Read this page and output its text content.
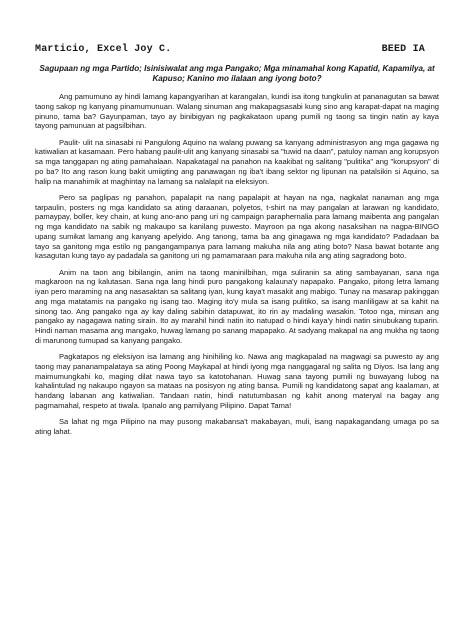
Marticio, Excel Joy C.	BEED IA
Sagupaan ng mga Partido; Isinisiwalat ang mga Pangako; Mga minamahal kong Kapatid, Kapamilya, at Kapuso; Kanino mo ilalaan ang iyong boto?
Ang pamumuno ay hindi lamang kapangyarihan at karangalan, kundi isa itong tungkulin at pananagutan sa bawat taong sakop ng kanyang pinamumunuan. Walang sinuman ang makapagsasabi kung sino ang karapat-dapat na maging pinuno, tama ba? Gayunpaman, tayo ay binibigyan ng pagkakataon upang pumili ng taong sa tingin natin ay kaya tayong pamunuan at pagsilbihan.
Paulit- ulit na sinasabi ni Pangulong Aquino na walang puwang sa kanyang administrasyon ang mga gagawa ng katiwalian at kasamaan. Pero habang paulit-ulit ang kanyang sinasabi sa "tuwid na daan", patuloy naman ang korupsyon sa mga tanggapan ng ating pamahalaan. Napakatagal na panahon na kaakibat ng salitang "pulitika" ang "korupsyon" di po ba? Ito ang rason kung bakit umiigting ang panawagan ng iba't ibang sektor ng lipunan na patalsikin si Aquino, sa halip na manahimik at maghintay na lamang sa nalalapit na eleksiyon.
Pero sa paglipas ng panahon, papalapit na nang papalapit at hayan na nga, nagkalat nanaman ang mga tarpaulin, posters ng mga kandidato sa ating daraanan, polyetos, t-shirt na may pangalan at larawan ng kandidato, pamaypay, boller, key chain, at kung ano-ano pang uri ng campaign paraphernalia para lamang maibenta ang pangalan ng mga kandidato na sabik ng makaupo sa kanilang puwesto. Mayroon pa nga akong nasaksihan na nagpa-BINGO upang sumikat lamang ang kanyang apelyido. Ang tanong, tama ba ang ginagawa ng mga kandidato? Padadaan ba tayo sa ganitong mga estilo ng pangangampanya para lamang makuha nila ang ating boto? Nasa bawat botante ang kasagutan kung tayo ay padadala sa ganitong uri ng pamamaraan para makuha nila ang ating sagradong boto.
Anim na taon ang bibilangin, anim na taong maninilbihan, mga suliranin sa ating sambayanan, sana nga magkaroon na ng kalutasan. Sana nga lang hindi puro pangakong kalauna'y napapako. Pangako, pitong letra lamang iyan pero maraming na ang nasasaktan sa salitang iyan, kung kaya't masakit ang mabigo. Tunay na masarap pakinggan ang mga matatamis na pangako ng isang tao. Maging ito'y mula sa isang pulitiko, sa isang manliligaw at sa kahit na sinong tao. Ang pangako nga ay kay daling sabihin datapuwat, ito rin ay madaling wasakin. Totoo nga, minsan ang pangako ay nagagawa nating sirain. Ito ay marahil hindi natin ito natupad o hindi kaya'y hindi natin sinubukang tuparin. Hindi naman masama ang mangako, huwag lamang po sanang mapapako. At sadyang makapal na ang mukha ng taong di marunong tumupad sa kanyang pangako.
Pagkatapos ng eleksiyon isa lamang ang hinihiling ko. Nawa ang magkapalad na magwagi sa puwesto ay ang taong may pananampalataya sa ating Poong Maykapal at hindi iyong mga nanggagaral ng salita ng Diyos. Isa lang ang maimumungkahi ko, maging dilat nawa tayo sa katotohanan. Huwag sana tayong pumili ng buwayang lubog na kahalintulad ng nakaupo ngayon sa mataas na posisyon ng ating bansa. Pumili ng kandidatong sapat ang kaalaman, at handang labanan ang katiwalian. Tandaan natin, hindi natutumbasan ng kahit anong materyal na bagay ang pagmamahal, respeto at tiwala. Ipanalo ang pamilyang Pilipino. Dapat Tama!
Sa lahat ng mga Pilipino na may pusong makabansa't makabayan, muli, isang napakagandang umaga po sa ating lahat.
